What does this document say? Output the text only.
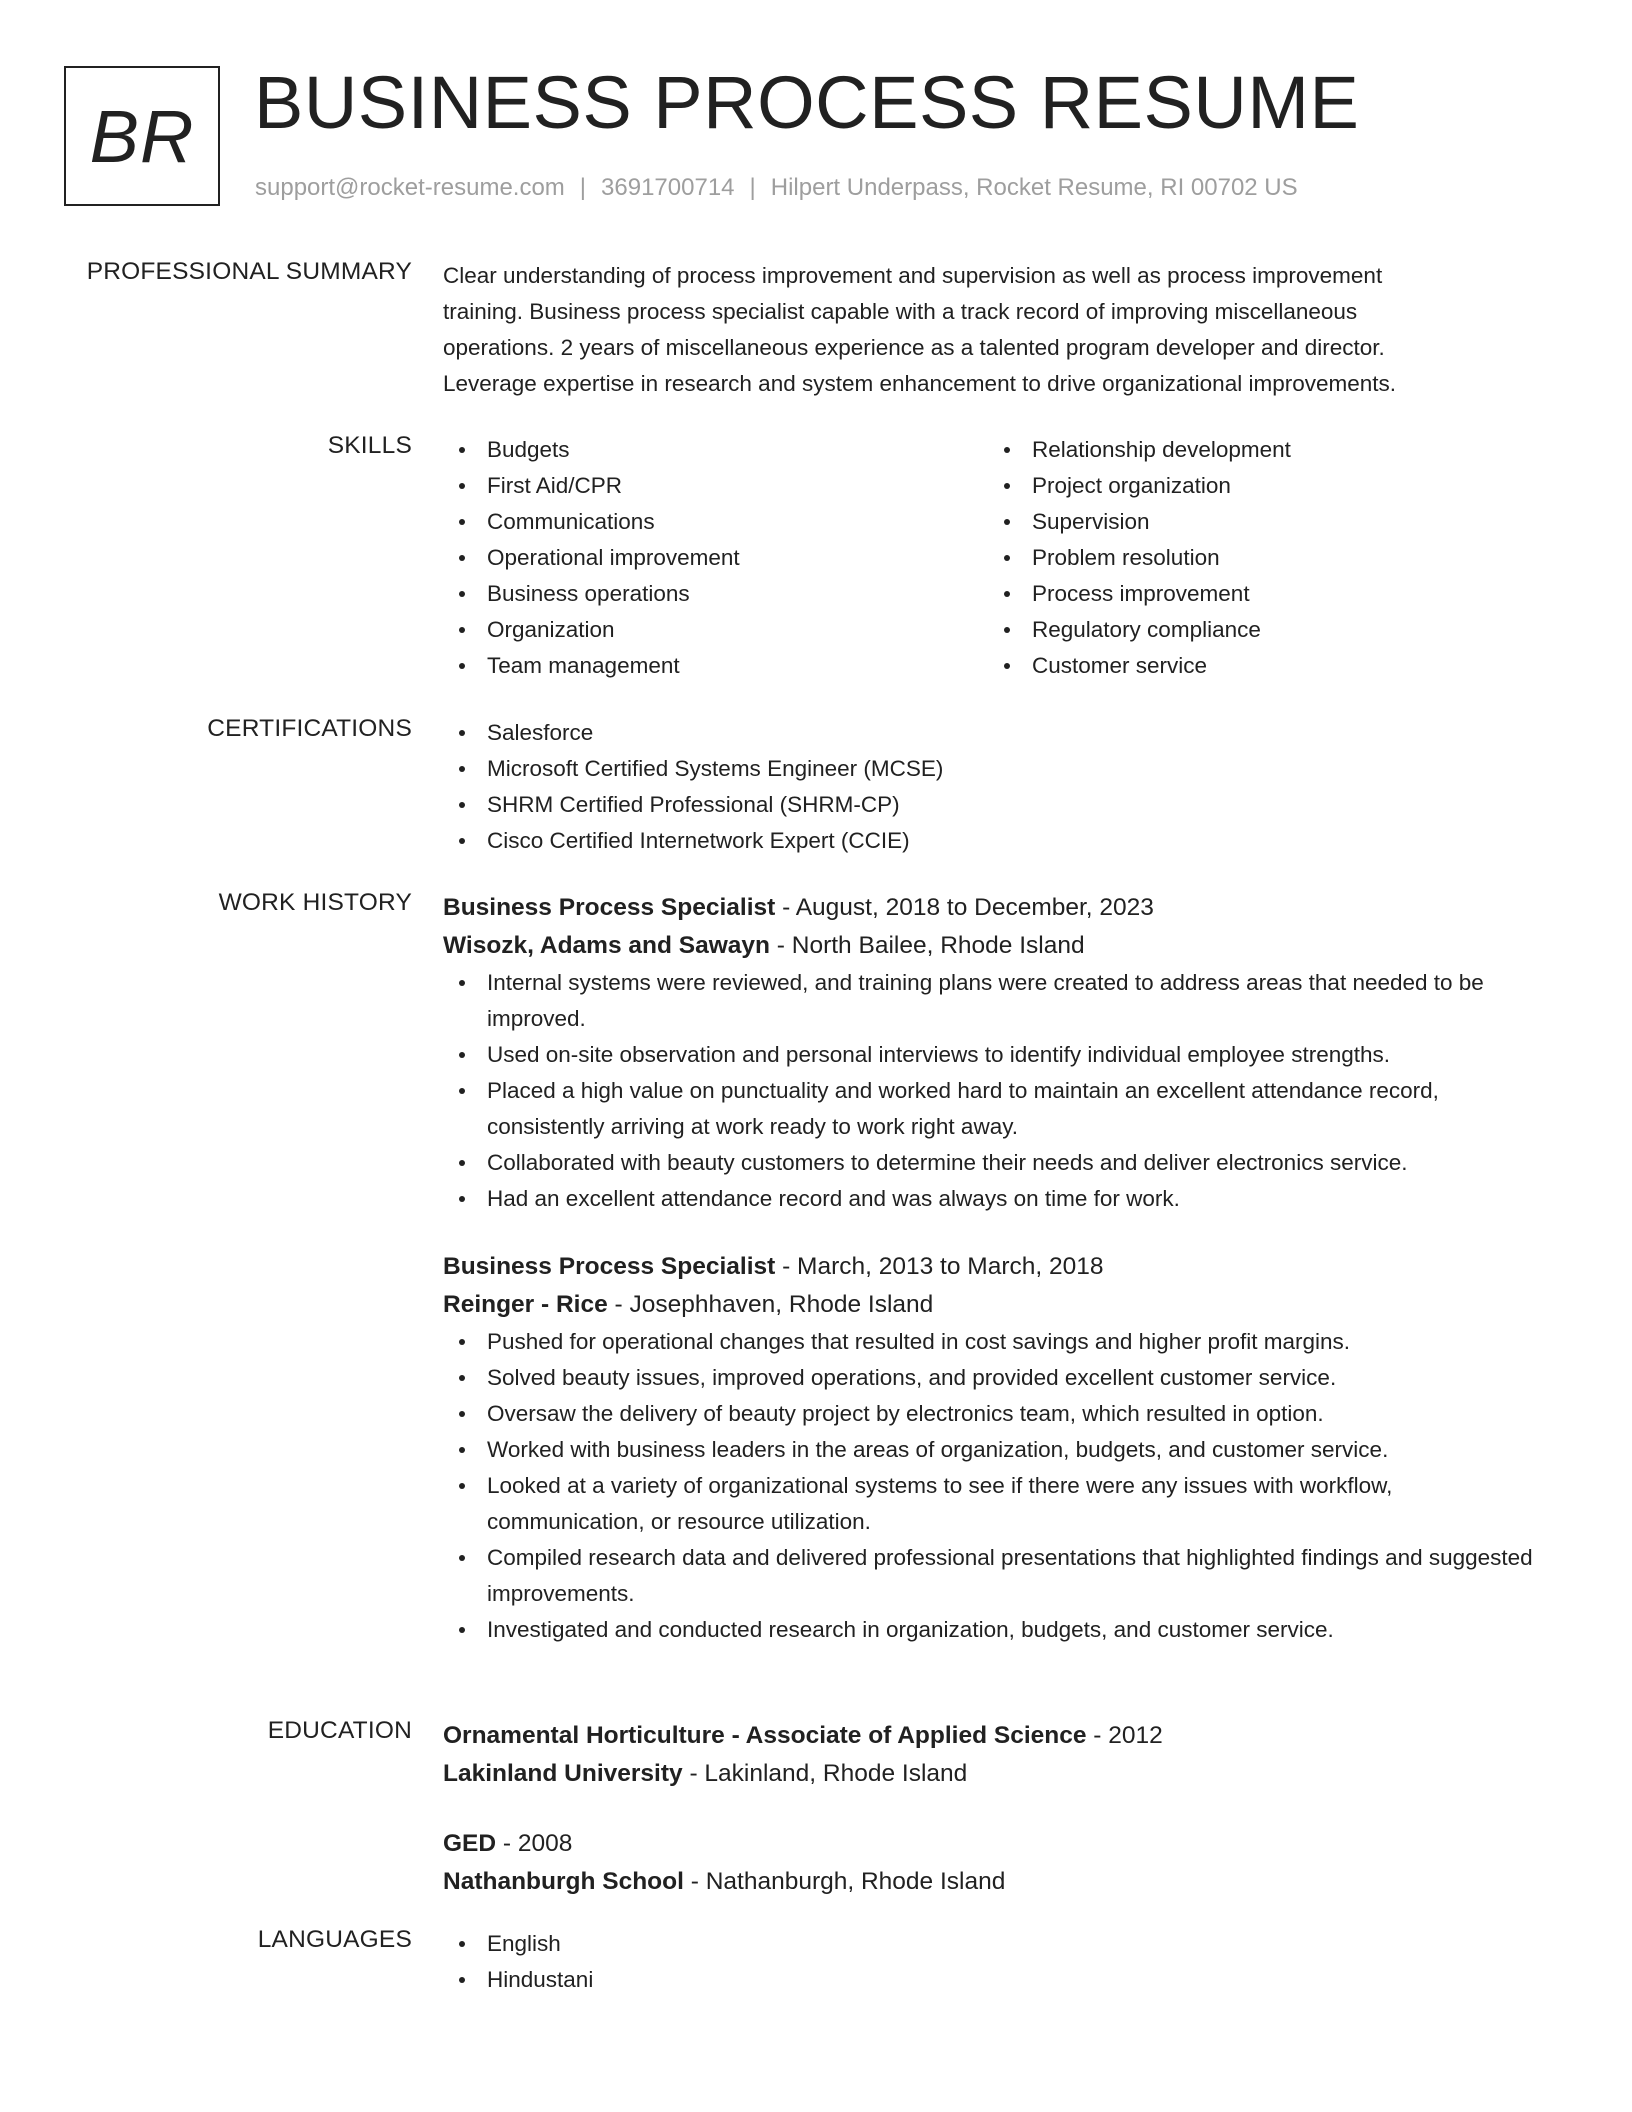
BR BUSINESS PROCESS RESUME
support@rocket-resume.com | 3691700714 | Hilpert Underpass, Rocket Resume, RI 00702 US
PROFESSIONAL SUMMARY Clear understanding of process improvement and supervision as well as process improvement
training. Business process specialist capable with a track record of improving miscellaneous
operations. 2 years of miscellaneous experience as a talented program developer and director.
Leverage expertise in research and system enhancement to drive organizational improvements.
SKILLS	Budgets
First Aid/CPR
Communications
Operational improvement
Business operations
Organization
Team management
Relationship development
Project organization
Supervision
Problem resolution
Process improvement
Regulatory compliance
Customer service
CERTIFICATIONS	Salesforce
Microsoft Certified Systems Engineer (MCSE)
SHRM Certified Professional (SHRM-CP)
Cisco Certified Internetwork Expert (CCIE)
WORK HISTORY Business Process Specialist - August, 2018 to December, 2023
Wisozk, Adams and Sawayn - North Bailee, Rhode Island
Internal systems were reviewed, and training plans were created to address areas that needed to be improved.
Used on-site observation and personal interviews to identify individual employee strengths.
Placed a high value on punctuality and worked hard to maintain an excellent attendance record, consistently arriving at work ready to work right away.
Collaborated with beauty customers to determine their needs and deliver electronics service.
Had an excellent attendance record and was always on time for work.
Business Process Specialist - March, 2013 to March, 2018
Reinger - Rice - Josephhaven, Rhode Island
Pushed for operational changes that resulted in cost savings and higher profit margins.
Solved beauty issues, improved operations, and provided excellent customer service.
Oversaw the delivery of beauty project by electronics team, which resulted in option.
Worked with business leaders in the areas of organization, budgets, and customer service.
Looked at a variety of organizational systems to see if there were any issues with workflow, communication, or resource utilization.
Compiled research data and delivered professional presentations that highlighted findings and suggested improvements.
Investigated and conducted research in organization, budgets, and customer service.
EDUCATION Ornamental Horticulture - Associate of Applied Science - 2012
Lakinland University - Lakinland, Rhode Island
GED - 2008
Nathanburgh School - Nathanburgh, Rhode Island
LANGUAGES	English
Hindustani
